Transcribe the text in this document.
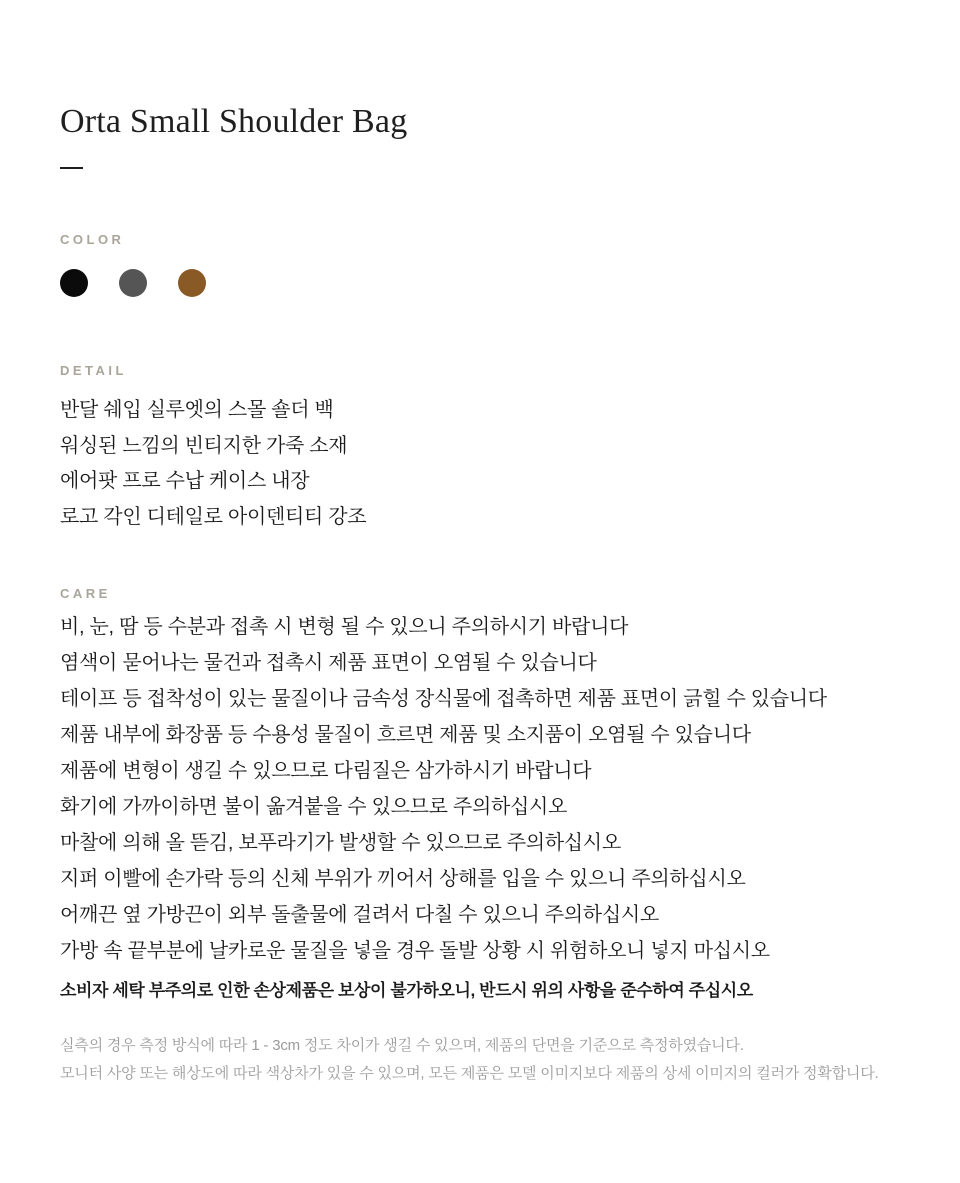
Orta Small Shoulder Bag
COLOR
DETAIL
반달 쉐입 실루엣의 스몰 숄더 백
워싱된 느낌의 빈티지한 가죽 소재
에어팟 프로 수납 케이스 내장
로고 각인 디테일로 아이덴티티 강조
CARE
비, 눈, 땀 등 수분과 접촉 시 변형 될 수 있으니 주의하시기 바랍니다
염색이 묻어나는 물건과 접촉시 제품 표면이 오염될 수 있습니다
테이프 등 접착성이 있는 물질이나 금속성 장식물에 접촉하면 제품 표면이 긁힐 수 있습니다
제품 내부에 화장품 등 수용성 물질이 흐르면 제품 및 소지품이 오염될 수 있습니다
제품에 변형이 생길 수 있으므로 다림질은 삼가하시기 바랍니다
화기에 가까이하면 불이 옮겨붙을 수 있으므로 주의하십시오
마찰에 의해 올 뜯김, 보푸라기가 발생할 수 있으므로 주의하십시오
지퍼 이빨에 손가락 등의 신체 부위가 끼어서 상해를 입을 수 있으니 주의하십시오
어깨끈 옆 가방끈이 외부 돌출물에 걸려서 다칠 수 있으니 주의하십시오
가방 속 끝부분에 날카로운 물질을 넣을 경우 돌발 상황 시 위험하오니 넣지 마십시오
소비자 세탁 부주의로 인한 손상제품은 보상이 불가하오니, 반드시 위의 사항을 준수하여 주십시오
실측의 경우 측정 방식에 따라 1 - 3cm 정도 차이가 생길 수 있으며, 제품의 단면을 기준으로 측정하였습니다.
모니터 사양 또는 해상도에 따라 색상차가 있을 수 있으며, 모든 제품은 모델 이미지보다 제품의 상세 이미지의 컬러가 정확합니다.
